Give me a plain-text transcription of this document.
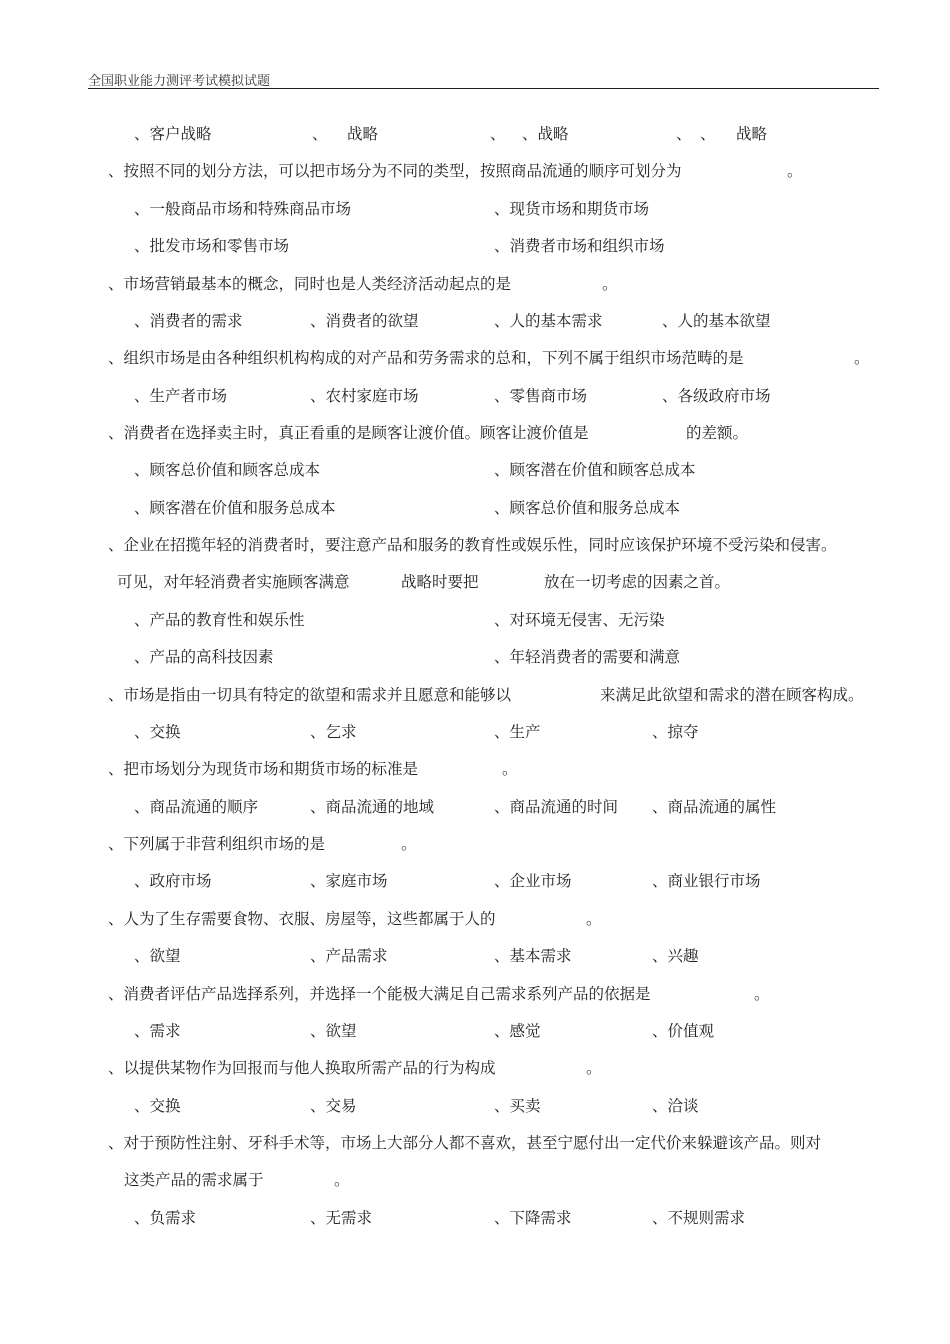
全国职业能力测评考试模拟试题
、客户战略	、 战略	、 、战略	、 、 战略
、按照不同的划分方法，可以把市场分为不同的类型，按照商品流通的顺序可划分为	。
、一般商品市场和特殊商品市场	、现货市场和期货市场
、批发市场和零售市场	、消费者市场和组织市场
、市场营销最基本的概念，同时也是人类经济活动起点的是	。
、消费者的需求	、消费者的欲望	、人的基本需求	、人的基本欲望
、组织市场是由各种组织机构构成的对产品和劳务需求的总和，下列不属于组织市场范畴的是	。
、生产者市场	、农村家庭市场	、零售商市场	、各级政府市场
、消费者在选择卖主时，真正看重的是顾客让渡价值。顾客让渡价值是	的差额。
、顾客总价值和顾客总成本	、顾客潜在价值和顾客总成本
、顾客潜在价值和服务总成本	、顾客总价值和服务总成本
、企业在招揽年轻的消费者时，要注意产品和服务的教育性或娱乐性，同时应该保护环境不受污染和侵害。
可见，对年轻消费者实施顾客满意	战略时要把	放在一切考虑的因素之首。
、产品的教育性和娱乐性	、对环境无侵害、无污染
、产品的高科技因素	、年轻消费者的需要和满意
、市场是指由一切具有特定的欲望和需求并且愿意和能够以	来满足此欲望和需求的潜在顾客构成。
、交换	、乞求	、生产	、掠夺
、把市场划分为现货市场和期货市场的标准是	。
、商品流通的顺序	、商品流通的地域	、商品流通的时间 、商品流通的属性
、下列属于非营利组织市场的是	。
、政府市场	、家庭市场	、企业市场	、商业银行市场
、人为了生存需要食物、衣服、房屋等，这些都属于人的	。
、欲望	、产品需求	、基本需求	、兴趣
、消费者评估产品选择系列，并选择一个能极大满足自己需求系列产品的依据是	。
、需求	、欲望	、感觉	、价值观
、以提供某物作为回报而与他人换取所需产品的行为构成	。
、交换	、交易	、买卖	、洽谈
、对于预防性注射、牙科手术等，市场上大部分人都不喜欢，甚至宁愿付出一定代价来躲避该产品。则对
这类产品的需求属于	。
、负需求	、无需求	、下降需求	、不规则需求
